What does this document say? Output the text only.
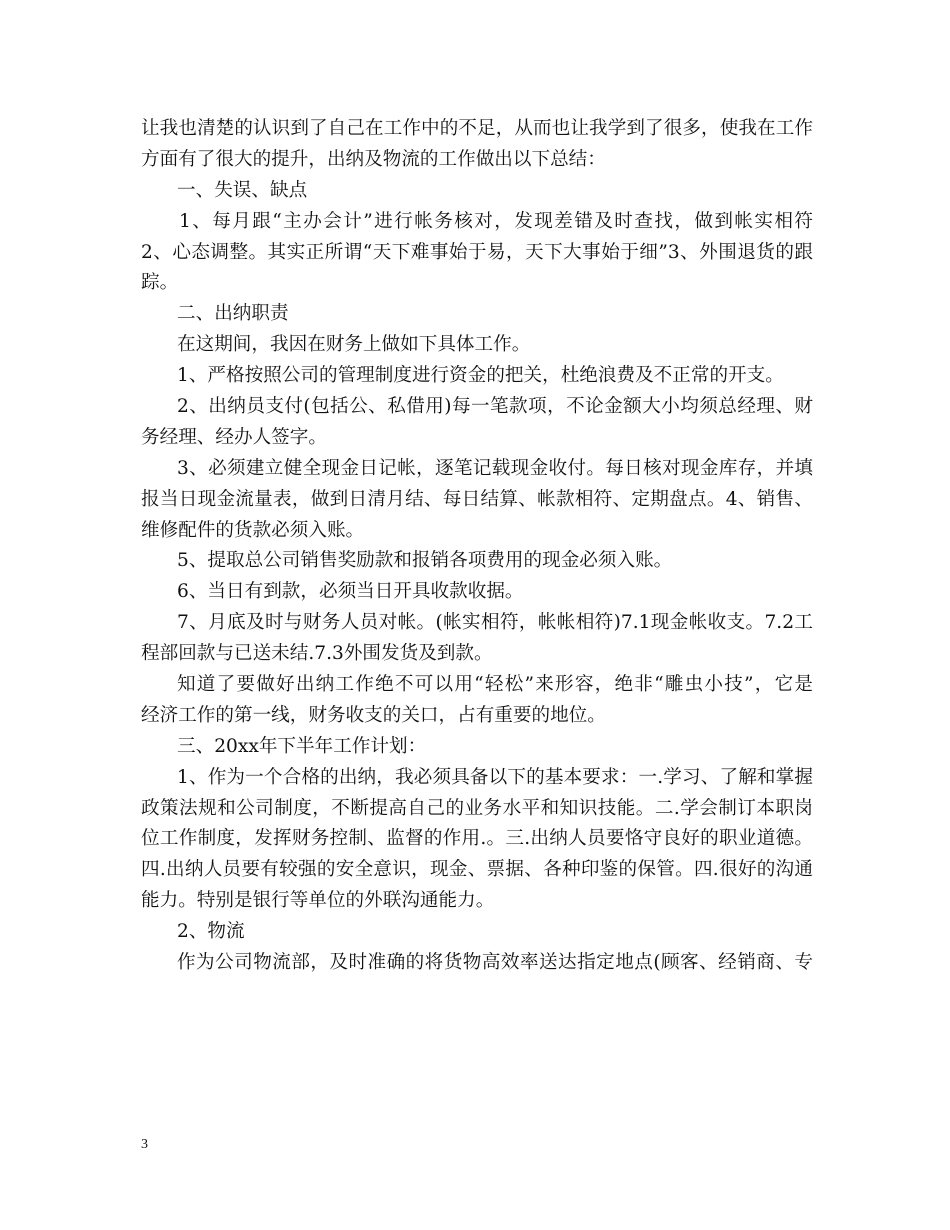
让我也清楚的认识到了自己在工作中的不足，从而也让我学到了很多，使我在工作
方面有了很大的提升，出纳及物流的工作做出以下总结：
一、失误、缺点
1、每月跟“主办会计”进行帐务核对，发现差错及时查找，做到帐实相符
2、心态调整。其实正所谓“天下难事始于易，天下大事始于细”3、外围退货的跟
踪。
二、出纳职责
在这期间，我因在财务上做如下具体工作。
1、严格按照公司的管理制度进行资金的把关，杜绝浪费及不正常的开支。
2、出纳员支付(包括公、私借用)每一笔款项，不论金额大小均须总经理、财
务经理、经办人签字。
3、必须建立健全现金日记帐，逐笔记载现金收付。每日核对现金库存，并填
报当日现金流量表，做到日清月结、每日结算、帐款相符、定期盘点。4、销售、
维修配件的货款必须入账。
5、提取总公司销售奖励款和报销各项费用的现金必须入账。
6、当日有到款，必须当日开具收款收据。
7、月底及时与财务人员对帐。(帐实相符，帐帐相符)7.1现金帐收支。7.2工
程部回款与已送未结.7.3外围发货及到款。
知道了要做好出纳工作绝不可以用“轻松”来形容，绝非“雕虫小技”，它是
经济工作的第一线，财务收支的关口，占有重要的地位。
三、20xx年下半年工作计划：
1、作为一个合格的出纳，我必须具备以下的基本要求：一.学习、了解和掌握
政策法规和公司制度，不断提高自己的业务水平和知识技能。二.学会制订本职岗
位工作制度，发挥财务控制、监督的作用.。三.出纳人员要恪守良好的职业道德。
四.出纳人员要有较强的安全意识，现金、票据、各种印鉴的保管。四.很好的沟通
能力。特别是银行等单位的外联沟通能力。
2、物流
作为公司物流部，及时准确的将货物高效率送达指定地点(顾客、经销商、专
3
